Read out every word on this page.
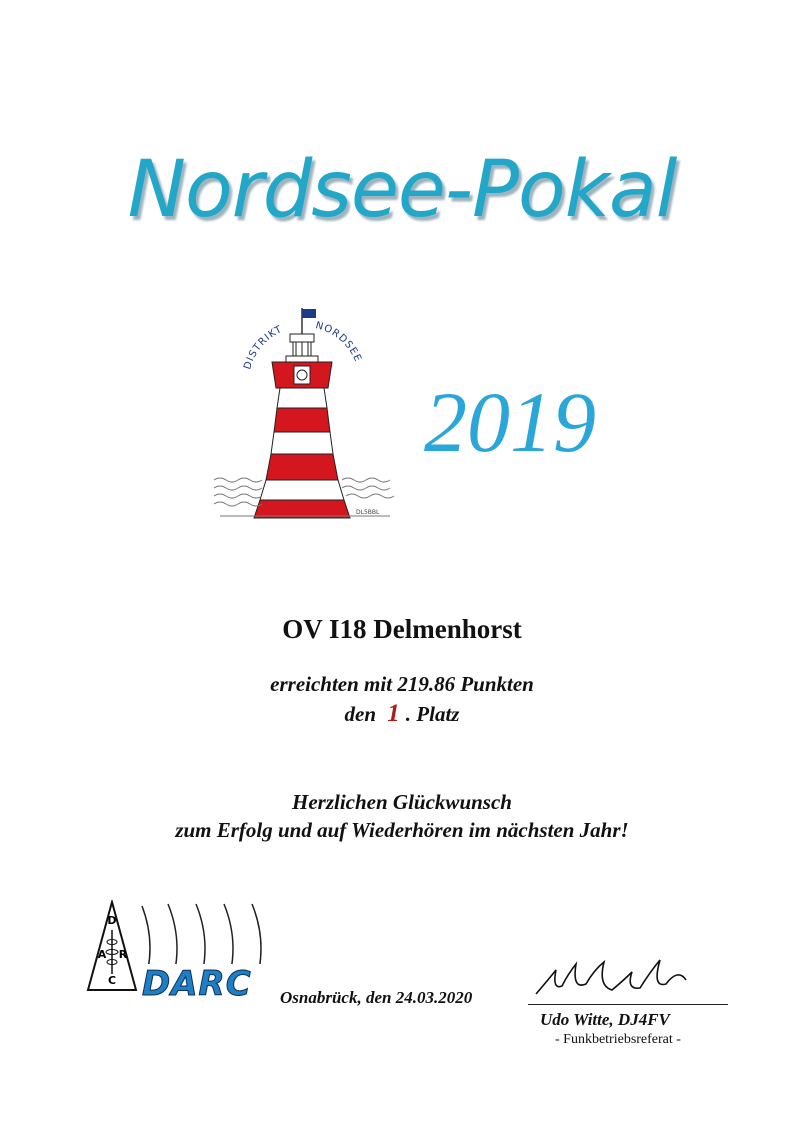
Nordsee-Pokal
DISTRIKT	NORDSEE
DL5BBL
2019
OV I18 Delmenhorst
erreichten mit 219.86 Punkten
den 1 . Platz
Herzlichen Glückwunsch
zum Erfolg und auf Wiederhören im nächsten Jahr!
D
A R
C DARC Osnabrück, den 24.03.2020
Udo Witte, DJ4FV
- Funkbetriebsreferat -
